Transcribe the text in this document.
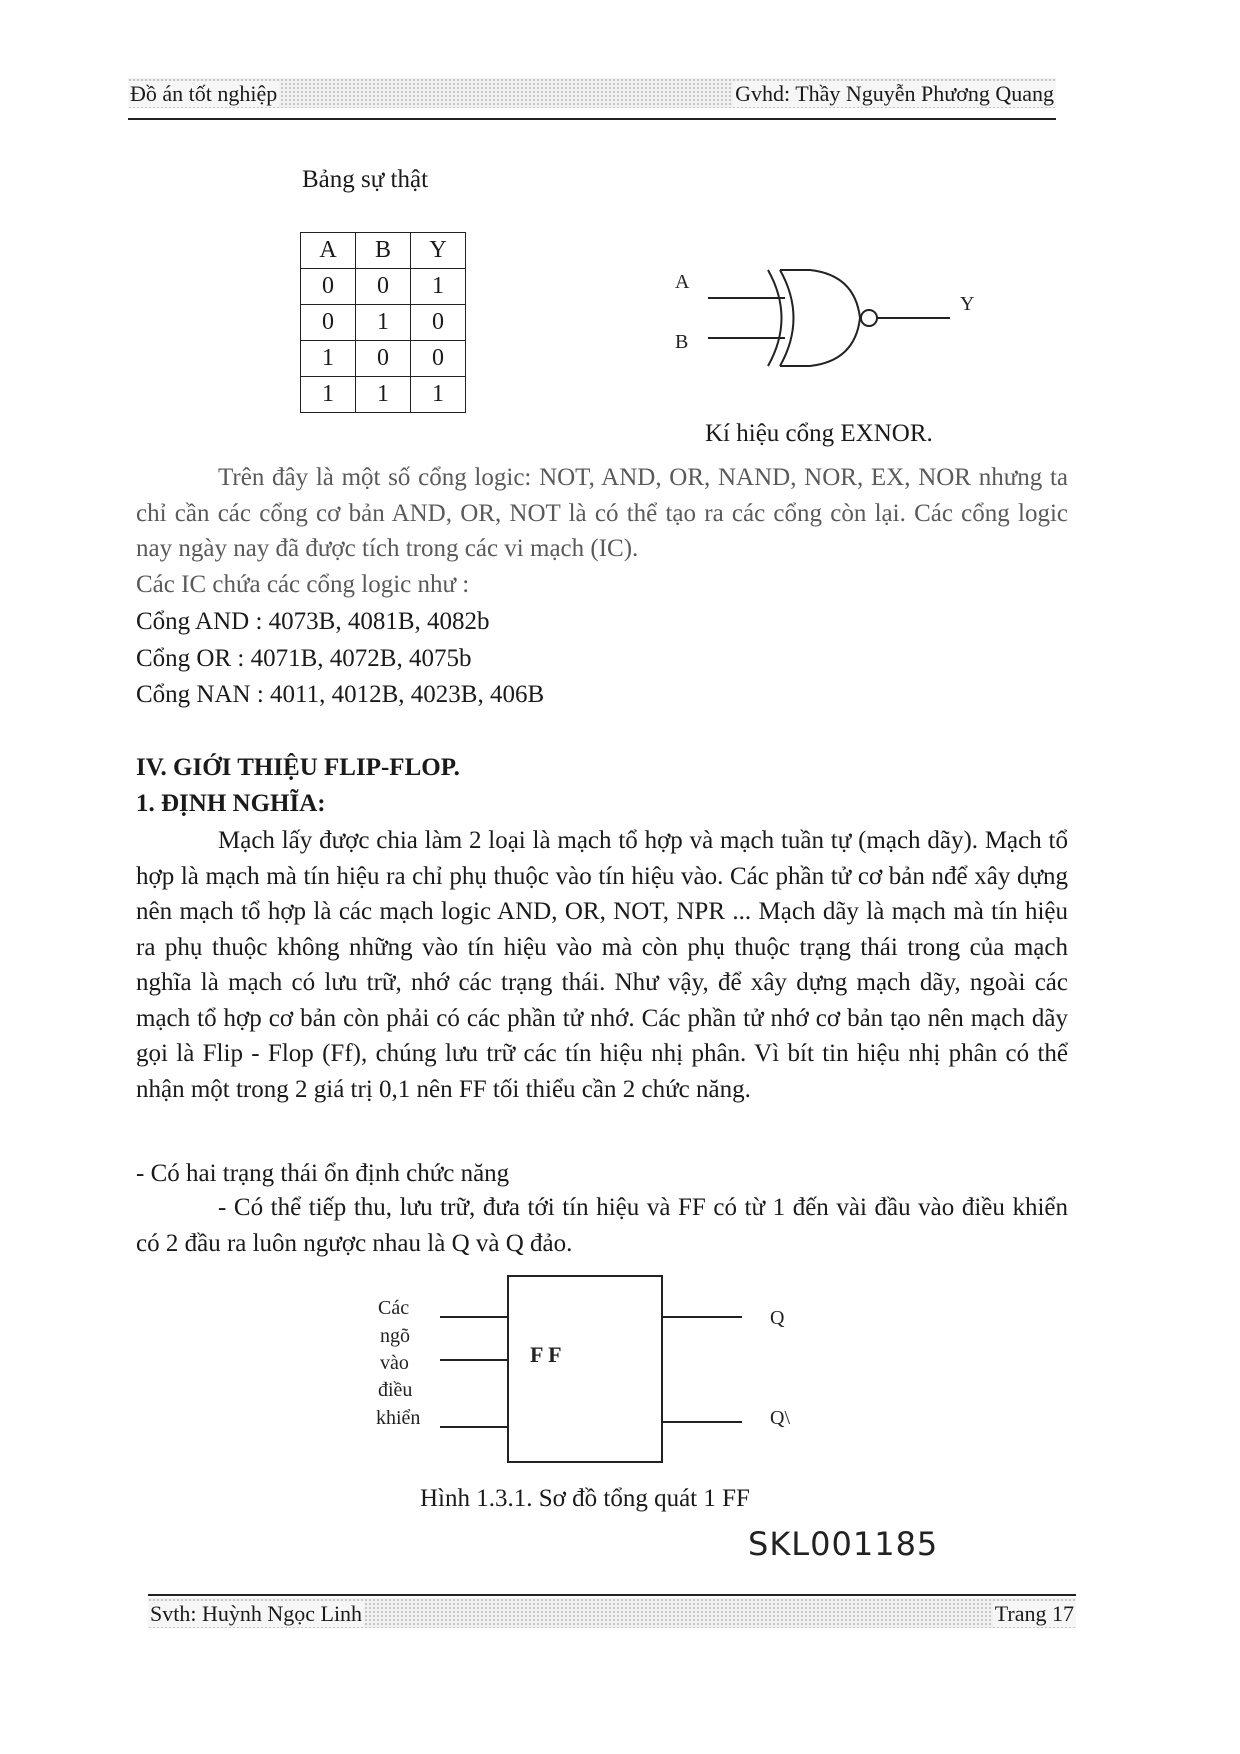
Đồ án tốt nghiệp	Gvhd: Thầy Nguyễn Phương Quang
Bảng sự thật
A	B	Y
0	0	1
0	1	0
1	0	0
1	1	1
A
B
Y
Kí hiệu cổng EXNOR.
Trên đây là một số cổng logic: NOT, AND, OR, NAND, NOR, EX, NOR nhưng ta chỉ cần các cổng cơ bản AND, OR, NOT là có thể tạo ra các cổng còn lại. Các cổng logic nay ngày nay đã được tích trong các vi mạch (IC).
Các IC chứa các cổng logic như :
Cổng AND : 4073B, 4081B, 4082b
Cổng OR : 4071B, 4072B, 4075b
Cổng NAN : 4011, 4012B, 4023B, 406B
IV. GIỚI THIỆU FLIP-FLOP.
1. ĐỊNH NGHĨA:
Mạch lấy được chia làm 2 loại là mạch tổ hợp và mạch tuần tự (mạch dãy). Mạch tổ hợp là mạch mà tín hiệu ra chỉ phụ thuộc vào tín hiệu vào. Các phần tử cơ bản nđể xây dựng nên mạch tổ hợp là các mạch logic AND, OR, NOT, NPR ... Mạch dãy là mạch mà tín hiệu ra phụ thuộc không những vào tín hiệu vào mà còn phụ thuộc trạng thái trong của mạch nghĩa là mạch có lưu trữ, nhớ các trạng thái. Như vậy, để xây dựng mạch dãy, ngoài các mạch tổ hợp cơ bản còn phải có các phần tử nhớ. Các phần tử nhớ cơ bản tạo nên mạch dãy gọi là Flip - Flop (Ff), chúng lưu trữ các tín hiệu nhị phân. Vì bít tin hiệu nhị phân có thể nhận một trong 2 giá trị 0,1 nên FF tối thiểu cần 2 chức năng.
- Có hai trạng thái ổn định chức năng
- Có thể tiếp thu, lưu trữ, đưa tới tín hiệu và FF có từ 1 đến vài đầu vào điều khiển có 2 đầu ra luôn ngược nhau là Q và Q đảo.
Các
ngõ
vào
điều
khiển
F F
Q
Q\
Hình 1.3.1. Sơ đồ tổng quát 1 FF
SKL001185
Svth: Huỳnh Ngọc Linh	Trang 17
